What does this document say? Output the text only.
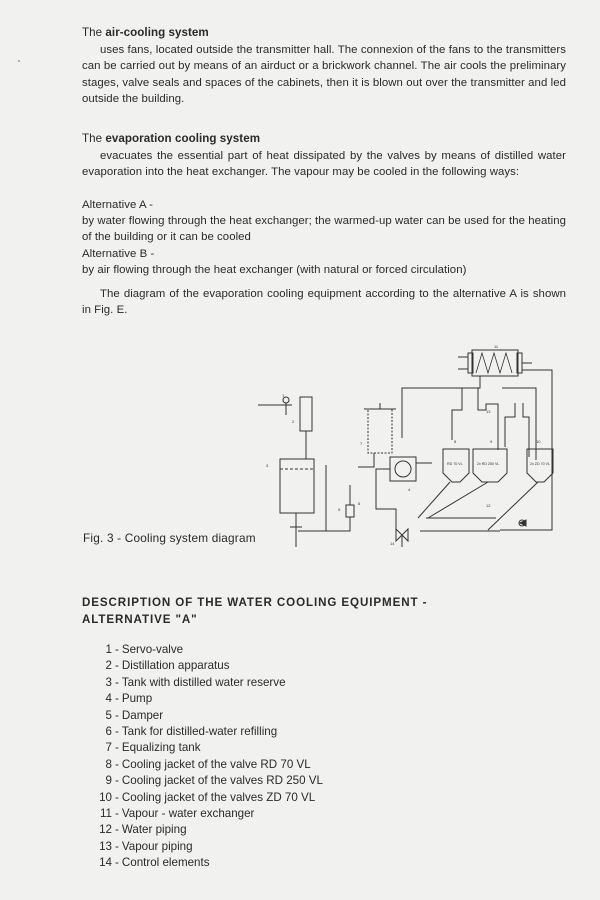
The air-cooling system
uses fans, located outside the transmitter hall. The connexion of the fans to the transmitters can be carried out by means of an airduct or a brickwork channel. The air cools the preliminary stages, valve seals and spaces of the cabinets, then it is blown out over the transmitter and led outside the building.
The evaporation cooling system
evacuates the essential part of heat dissipated by the valves by means of distilled water evaporation into the heat exchanger. The vapour may be cooled in the following ways:
Alternative A -
by water flowing through the heat exchanger; the warmed-up water can be used for the heating of the building or it can be cooled
Alternative B -
by air flowing through the heat exchanger (with natural or forced circulation)
The diagram of the evaporation cooling equipment according to the alternative A is shown in Fig. E.
RD 70 VL	2x RD 250 VL	2x ZD 70 VL
1
2
3
4
5
6
7	8	9	10
11
12
13
14
Fig. 3 - Cooling system diagram
DESCRIPTION OF THE WATER COOLING EQUIPMENT -
ALTERNATIVE "A"
1 - Servo-valve
2 - Distillation apparatus
3 - Tank with distilled water reserve
4 - Pump
5 - Damper
6 - Tank for distilled-water refilling
7 - Equalizing tank
8 - Cooling jacket of the valve RD 70 VL
9 - Cooling jacket of the valves RD 250 VL
10 - Cooling jacket of the valves ZD 70 VL
11 - Vapour - water exchanger
12 - Water piping
13 - Vapour piping
14 - Control elements
